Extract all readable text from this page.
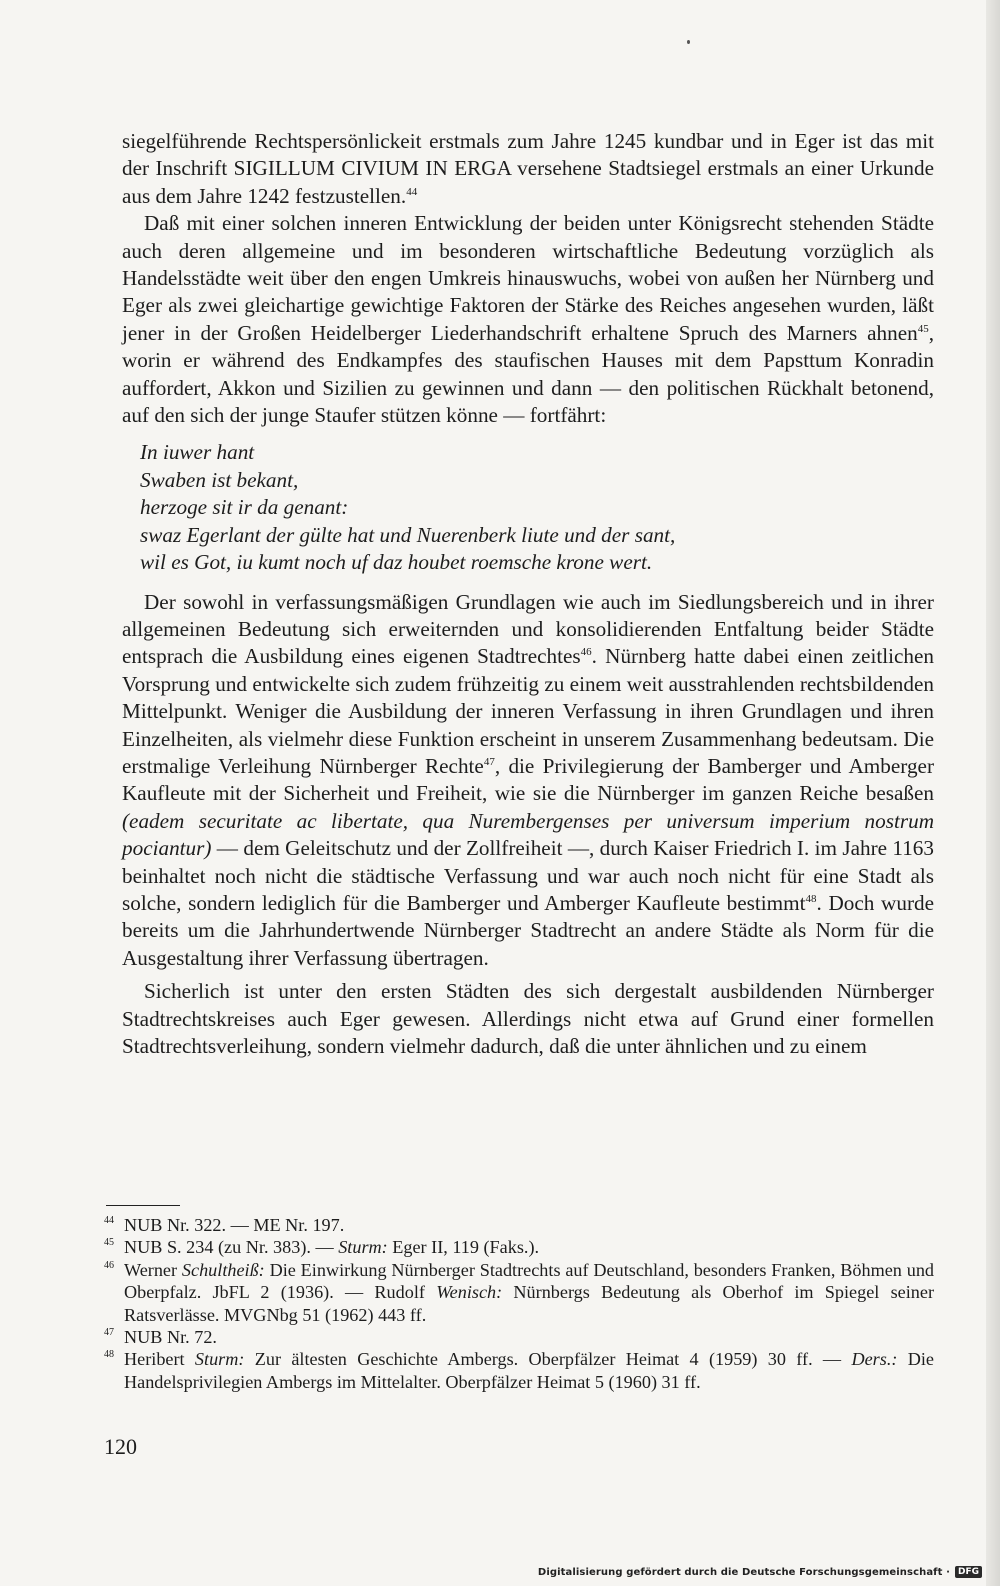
siegelführende Rechtspersönlickeit erstmals zum Jahre 1245 kundbar und in Eger ist das mit der Inschrift SIGILLUM CIVIUM IN ERGA versehene Stadtsiegel erstmals an einer Urkunde aus dem Jahre 1242 festzustellen.$^{44}$

Daß mit einer solchen inneren Entwicklung der beiden unter Königsrecht stehenden Städte auch deren allgemeine und im besonderen wirtschaftliche Bedeutung vorzüglich als Handelsstädte weit über den engen Umkreis hinauswuchs, wobei von außen her Nürnberg und Eger als zwei gleichartige gewichtige Faktoren der Stärke des Reiches angesehen wurden, läßt jener in der Großen Heidelberger Liederhandschrift erhaltene Spruch des Marners ahnen$^{45}$, worin er während des Endkampfes des staufischen Hauses mit dem Papsttum Konradin auffordert, Akkon und Sizilien zu gewinnen und dann — den politischen Rückhalt betonend, auf den sich der junge Staufer stützen könne — fortfährt:

In iuwer hant
Swaben ist bekant,
herzoge sit ir da genant:
swaz Egerlant der gülte hat und Nuerenberk liute und der sant,
wil es Got, iu kumt noch uf daz houbet roemsche krone wert.

Der sowohl in verfassungsmäßigen Grundlagen wie auch im Siedlungsbereich und in ihrer allgemeinen Bedeutung sich erweiternden und konsolidierenden Entfaltung beider Städte entsprach die Ausbildung eines eigenen Stadtrechtes$^{46}$. Nürnberg hatte dabei einen zeitlichen Vorsprung und entwickelte sich zudem frühzeitig zu einem weit ausstrahlenden rechtsbildenden Mittelpunkt. Weniger die Ausbildung der inneren Verfassung in ihren Grundlagen und ihren Einzelheiten, als vielmehr diese Funktion erscheint in unserem Zusammenhang bedeutsam. Die erstmalige Verleihung Nürnberger Rechte$^{47}$, die Privilegierung der Bamberger und Amberger Kaufleute mit der Sicherheit und Freiheit, wie sie die Nürnberger im ganzen Reiche besaßen (eadem securitate ac libertate, qua Nurembergenses per universum imperium nostrum pociantur) — dem Geleitschutz und der Zollfreiheit —, durch Kaiser Friedrich I. im Jahre 1163 beinhaltet noch nicht die städtische Verfassung und war auch noch nicht für eine Stadt als solche, sondern lediglich für die Bamberger und Amberger Kaufleute bestimmt$^{48}$. Doch wurde bereits um die Jahrhundertwende Nürnberger Stadtrecht an andere Städte als Norm für die Ausgestaltung ihrer Verfassung übertragen.

Sicherlich ist unter den ersten Städten des sich dergestalt ausbildenden Nürnberger Stadtrechtskreises auch Eger gewesen. Allerdings nicht etwa auf Grund einer formellen Stadtrechtsverleihung, sondern vielmehr dadurch, daß die unter ähnlichen und zu einem

44 NUB Nr. 322. — ME Nr. 197.
45 NUB S. 234 (zu Nr. 383). — Sturm: Eger II, 119 (Faks.).
46 Werner Schultheiß: Die Einwirkung Nürnberger Stadtrechts auf Deutschland, besonders Franken, Böhmen und Oberpfalz. JbFL 2 (1936). — Rudolf Wenisch: Nürnbergs Bedeutung als Oberhof im Spiegel seiner Ratsverlässe. MVGNbg 51 (1962) 443 ff.
47 NUB Nr. 72.
48 Heribert Sturm: Zur ältesten Geschichte Ambergs. Oberpfälzer Heimat 4 (1959) 30 ff. — Ders.: Die Handelsprivilegien Ambergs im Mittelalter. Oberpfälzer Heimat 5 (1960) 31 ff.
120
Digitalisierung gefördert durch die Deutsche Forschungsgemeinschaft · DFG
